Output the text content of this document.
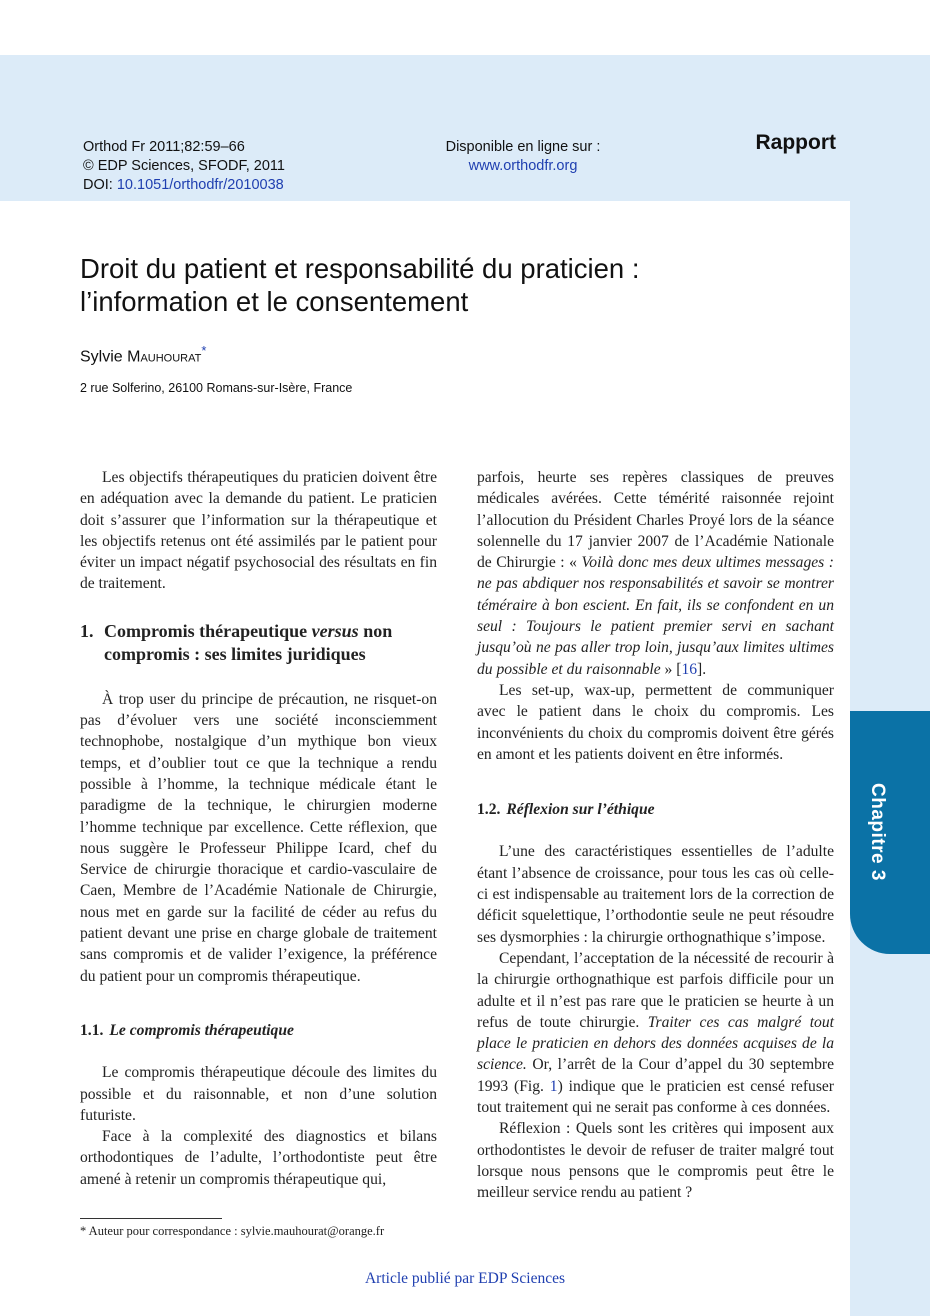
Chapitre 3
Orthod Fr 2011;82:59–66
© EDP Sciences, SFODF, 2011
DOI: 10.1051/orthodfr/2010038
Disponible en ligne sur :
www.orthodfr.org
Rapport
Droit du patient et responsabilité du praticien :
l’information et le consentement
Sylvie Mauhourat*
2 rue Solferino, 26100 Romans-sur-Isère, France

Les objectifs thérapeutiques du praticien doivent être en adéquation avec la demande du patient. Le praticien doit s’assurer que l’information sur la thérapeutique et les objectifs retenus ont été assimilés par le patient pour éviter un impact négatif psychosocial des résultats en fin de traitement.

1. Compromis thérapeutique versus non compromis : ses limites juridiques

À trop user du principe de précaution, ne risquet-on pas d’évoluer vers une société inconsciemment technophobe, nostalgique d’un mythique bon vieux temps, et d’oublier tout ce que la technique a rendu possible à l’homme, la technique médicale étant le paradigme de la technique, le chirurgien moderne l’homme technique par excellence. Cette réflexion, que nous suggère le Professeur Philippe Icard, chef du Service de chirurgie thoracique et cardio-vasculaire de Caen, Membre de l’Académie Nationale de Chirurgie, nous met en garde sur la facilité de céder au refus du patient devant une prise en charge globale de traitement sans compromis et de valider l’exigence, la préférence du patient pour un compromis thérapeutique.

1.1. Le compromis thérapeutique

Le compromis thérapeutique découle des limites du possible et du raisonnable, et non d’une solution futuriste.

Face à la complexité des diagnostics et bilans orthodontiques de l’adulte, l’orthodontiste peut être amené à retenir un compromis thérapeutique qui,

parfois, heurte ses repères classiques de preuves médicales avérées. Cette témérité raisonnée rejoint l’allocution du Président Charles Proyé lors de la séance solennelle du 17 janvier 2007 de l’Académie Nationale de Chirurgie : « Voilà donc mes deux ultimes messages : ne pas abdiquer nos responsabilités et savoir se montrer téméraire à bon escient. En fait, ils se confondent en un seul : Toujours le patient premier servi en sachant jusqu’où ne pas aller trop loin, jusqu’aux limites ultimes du possible et du raisonnable » [16].

Les set-up, wax-up, permettent de communiquer avec le patient dans le choix du compromis. Les inconvénients du choix du compromis doivent être gérés en amont et les patients doivent en être informés.

1.2. Réflexion sur l’éthique

L’une des caractéristiques essentielles de l’adulte étant l’absence de croissance, pour tous les cas où celle-ci est indispensable au traitement lors de la correction de déficit squelettique, l’orthodontie seule ne peut résoudre ses dysmorphies : la chirurgie orthognathique s’impose.

Cependant, l’acceptation de la nécessité de recourir à la chirurgie orthognathique est parfois difficile pour un adulte et il n’est pas rare que le praticien se heurte à un refus de toute chirurgie. Traiter ces cas malgré tout place le praticien en dehors des données acquises de la science. Or, l’arrêt de la Cour d’appel du 30 septembre 1993 (Fig. 1) indique que le praticien est censé refuser tout traitement qui ne serait pas conforme à ces données.

Réflexion : Quels sont les critères qui imposent aux orthodontistes le devoir de refuser de traiter malgré tout lorsque nous pensons que le compromis peut être le meilleur service rendu au patient ?

* Auteur pour correspondance : sylvie.mauhourat@orange.fr
Article publié par EDP Sciences
